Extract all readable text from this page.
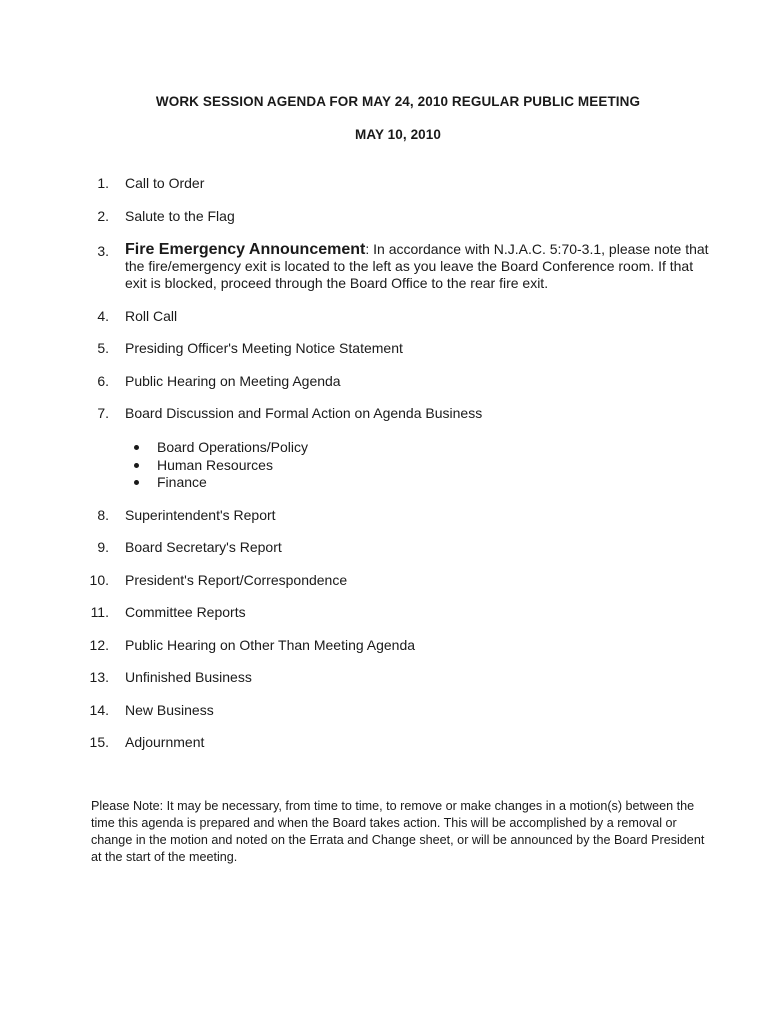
WORK SESSION AGENDA FOR MAY 24, 2010 REGULAR PUBLIC MEETING
MAY 10, 2010
1. Call to Order
2. Salute to the Flag
3. Fire Emergency Announcement: In accordance with N.J.A.C. 5:70-3.1, please note that
the fire/emergency exit is located to the left as you leave the Board Conference room. If that
exit is blocked, proceed through the Board Office to the rear fire exit.
4. Roll Call
5. Presiding Officer's Meeting Notice Statement
6. Public Hearing on Meeting Agenda
7. Board Discussion and Formal Action on Agenda Business
Board Operations/Policy
Human Resources
Finance
8. Superintendent's Report
9. Board Secretary's Report
10. President's Report/Correspondence
11. Committee Reports
12. Public Hearing on Other Than Meeting Agenda
13. Unfinished Business
14. New Business
15. Adjournment
Please Note: It may be necessary, from time to time, to remove or make changes in a motion(s) between the
time this agenda is prepared and when the Board takes action. This will be accomplished by a removal or
change in the motion and noted on the Errata and Change sheet, or will be announced by the Board President
at the start of the meeting.
